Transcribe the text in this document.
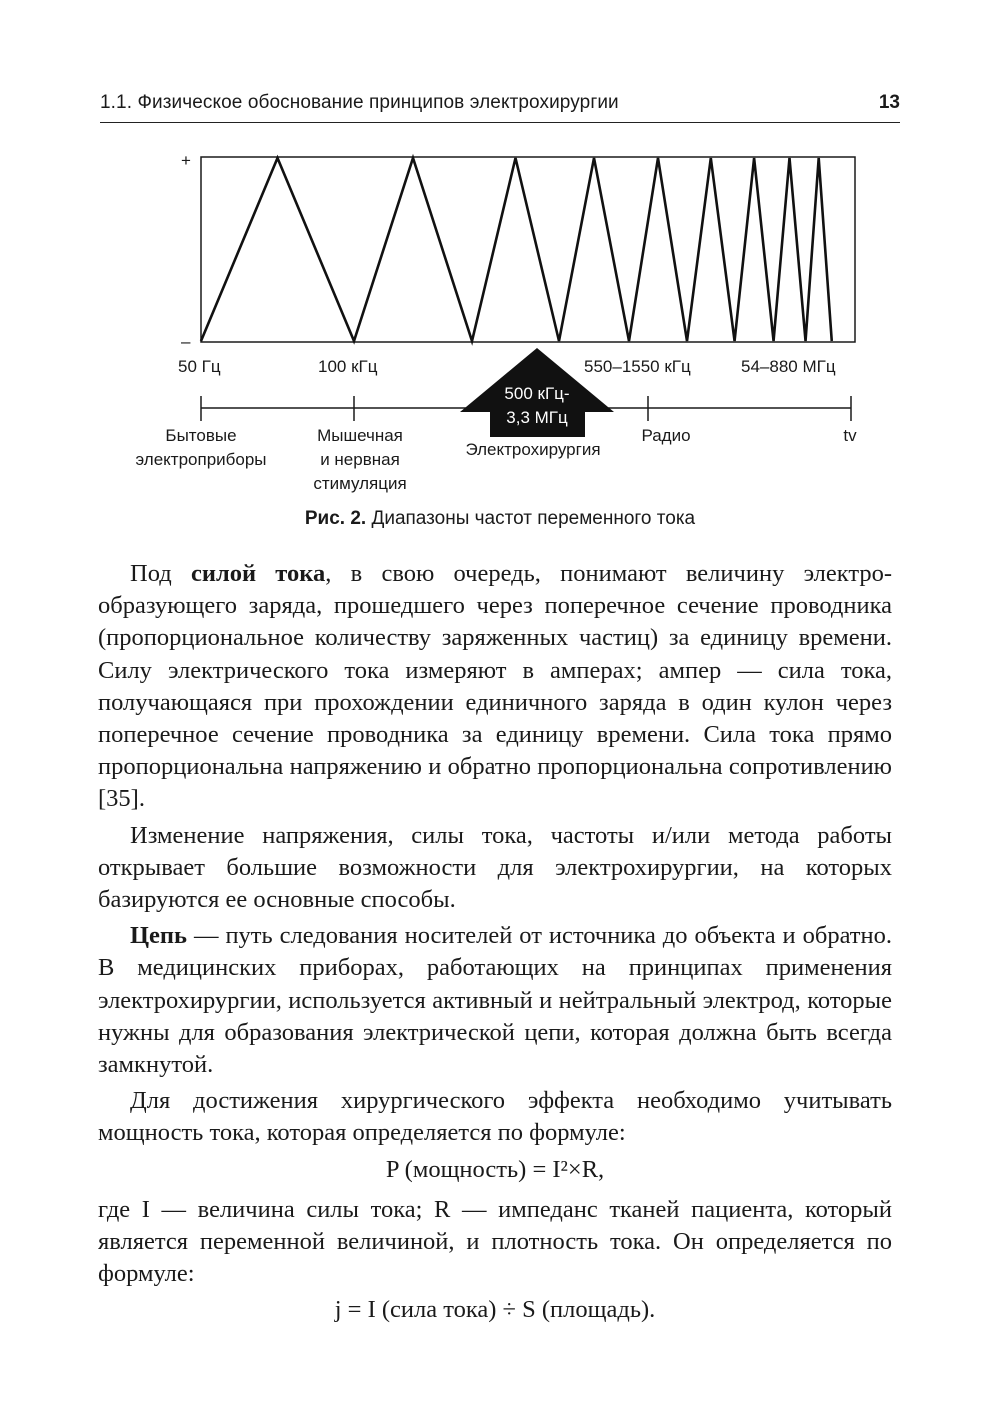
1.1. Физическое обоснование принципов электрохирургии	13
+
–
50 Гц	100 кГц	550–1550 кГц	54–880 МГц
500 кГц-
3,3 МГц
Бытовые
электроприборы
Мышечная
и нервная
стимуляция
Электрохирургия
Радио	tv
Рис. 2. Диапазоны частот переменного тока

Под силой тока, в свою очередь, понимают величину электрообразующего заряда, прошедшего через поперечное сечение проводника (пропорциональное количеству заряженных частиц) за единицу времени. Силу электрического тока измеряют в амперах; ампер — сила тока, получающаяся при прохождении единичного заряда в один кулон через поперечное сечение проводника за единицу времени. Сила тока прямо пропорциональна напряжению и обратно пропорциональна сопротивлению [35].

Изменение напряжения, силы тока, частоты и/или метода работы открывает большие возможности для электрохирургии, на которых базируются ее основные способы.

Цепь — путь следования носителей от источника до объекта и обратно. В медицинских приборах, работающих на принципах применения электрохирургии, используется активный и нейтральный электрод, которые нужны для образования электрической цепи, которая должна быть всегда замкнутой.

Для достижения хирургического эффекта необходимо учитывать мощность тока, которая определяется по формуле:

P (мощность) = I²×R,

где I — величина силы тока; R — импеданс тканей пациента, который является переменной величиной, и плотность тока. Он определяется по формуле:

j = I (сила тока) ÷ S (площадь).
